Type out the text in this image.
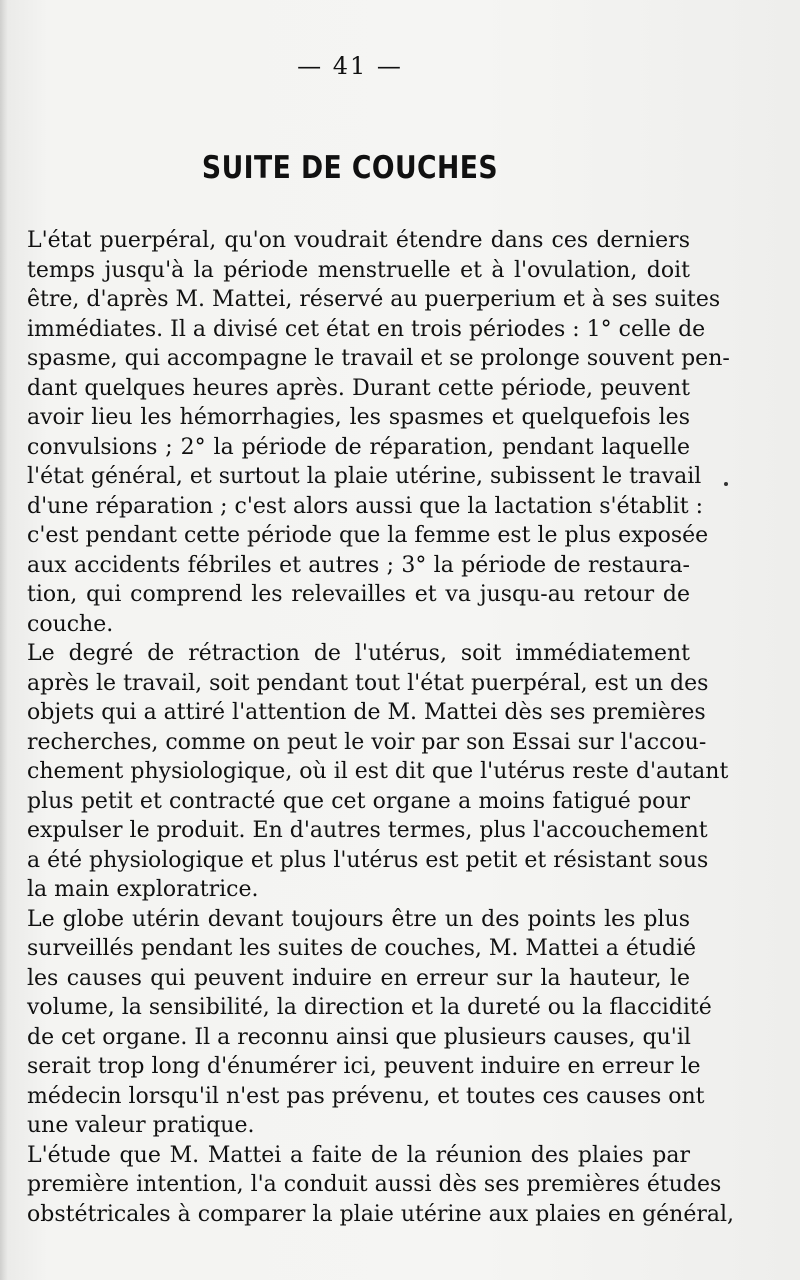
— 41 —
SUITE DE COUCHES
L'état puerpéral, qu'on voudrait étendre dans ces derniers
temps jusqu'à la période menstruelle et à l'ovulation, doit
être, d'après M. Mattei, réservé au puerperium et à ses suites
immédiates. Il a divisé cet état en trois périodes : 1° celle de
spasme, qui accompagne le travail et se prolonge souvent pen-
dant quelques heures après. Durant cette période, peuvent
avoir lieu les hémorrhagies, les spasmes et quelquefois les
convulsions ; 2° la période de réparation, pendant laquelle
l'état général, et surtout la plaie utérine, subissent le travail
d'une réparation ; c'est alors aussi que la lactation s'établit :
c'est pendant cette période que la femme est le plus exposée
aux accidents fébriles et autres ; 3° la période de restaura-
tion, qui comprend les relevailles et va jusqu-au retour de
couche.
Le degré de rétraction de l'utérus, soit immédiatement
après le travail, soit pendant tout l'état puerpéral, est un des
objets qui a attiré l'attention de M. Mattei dès ses premières
recherches, comme on peut le voir par son Essai sur l'accou-
chement physiologique, où il est dit que l'utérus reste d'autant
plus petit et contracté que cet organe a moins fatigué pour
expulser le produit. En d'autres termes, plus l'accouchement
a été physiologique et plus l'utérus est petit et résistant sous
la main exploratrice.
Le globe utérin devant toujours être un des points les plus
surveillés pendant les suites de couches, M. Mattei a étudié
les causes qui peuvent induire en erreur sur la hauteur, le
volume, la sensibilité, la direction et la dureté ou la flaccidité
de cet organe. Il a reconnu ainsi que plusieurs causes, qu'il
serait trop long d'énumérer ici, peuvent induire en erreur le
médecin lorsqu'il n'est pas prévenu, et toutes ces causes ont
une valeur pratique.
L'étude que M. Mattei a faite de la réunion des plaies par
première intention, l'a conduit aussi dès ses premières études
obstétricales à comparer la plaie utérine aux plaies en général,
